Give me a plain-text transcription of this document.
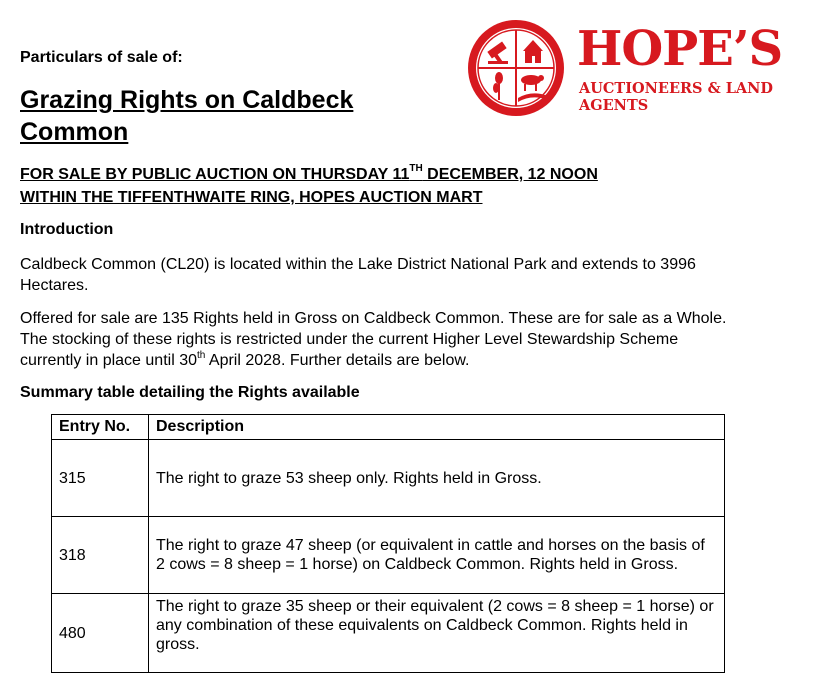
Particulars of sale of:
Grazing Rights on Caldbeck Common
FOR SALE BY PUBLIC AUCTION ON THURSDAY 11TH DECEMBER, 12 NOON
WITHIN THE TIFFENTHWAITE RING, HOPES AUCTION MART
Introduction
Caldbeck Common (CL20) is located within the Lake District National Park and extends to 3996 Hectares.
Offered for sale are 135 Rights held in Gross on Caldbeck Common. These are for sale as a Whole. The stocking of these rights is restricted under the current Higher Level Stewardship Scheme currently in place until 30th April 2028. Further details are below.
Summary table detailing the Rights available
Entry No.	Description
315	The right to graze 53 sheep only. Rights held in Gross.
318	The right to graze 47 sheep (or equivalent in cattle and horses on the basis of 2 cows = 8 sheep = 1 horse) on Caldbeck Common. Rights held in Gross.
480	The right to graze 35 sheep or their equivalent (2 cows = 8 sheep = 1 horse) or any combination of these equivalents on Caldbeck Common. Rights held in gross.
HOPE’S
AUCTIONEERS & LAND AGENTS
